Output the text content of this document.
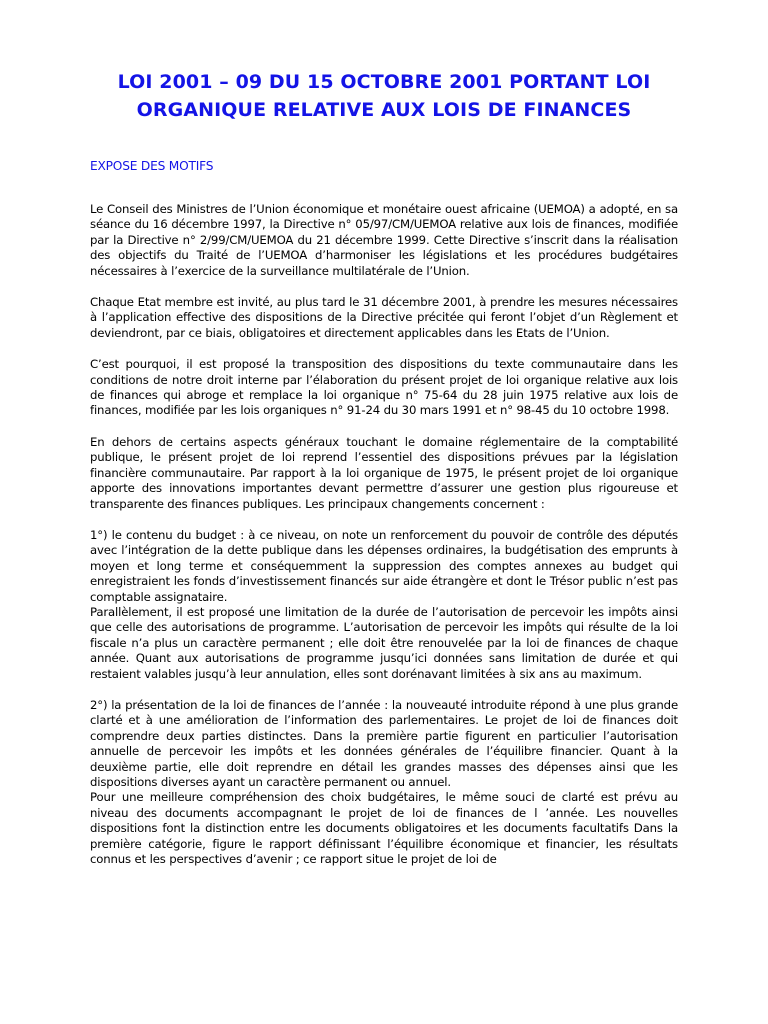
LOI 2001 – 09 DU 15 OCTOBRE 2001 PORTANT LOI ORGANIQUE RELATIVE AUX LOIS DE FINANCES
EXPOSE DES MOTIFS

Le Conseil des Ministres de l’Union économique et monétaire ouest africaine (UEMOA) a adopté, en sa séance du 16 décembre 1997, la Directive n° 05/97/CM/UEMOA relative aux lois de finances, modifiée par la Directive n° 2/99/CM/UEMOA du 21 décembre 1999. Cette Directive s’inscrit dans la réalisation des objectifs du Traité de l’UEMOA d’harmoniser les législations et les procédures budgétaires nécessaires à l’exercice de la surveillance multilatérale de l’Union.

Chaque Etat membre est invité, au plus tard le 31 décembre 2001, à prendre les mesures nécessaires à l’application effective des dispositions de la Directive précitée qui feront l’objet d’un Règlement et deviendront, par ce biais, obligatoires et directement applicables dans les Etats de l’Union.

C’est pourquoi, il est proposé la transposition des dispositions du texte communautaire dans les conditions de notre droit interne par l’élaboration du présent projet de loi organique relative aux lois de finances qui abroge et remplace la loi organique n° 75-64 du 28 juin 1975 relative aux lois de finances, modifiée par les lois organiques n° 91-24 du 30 mars 1991 et n° 98-45 du 10 octobre 1998.

En dehors de certains aspects généraux touchant le domaine réglementaire de la comptabilité publique, le présent projet de loi reprend l’essentiel des dispositions prévues par la législation financière communautaire. Par rapport à la loi organique de 1975, le présent projet de loi organique apporte des innovations importantes devant permettre d’assurer une gestion plus rigoureuse et transparente des finances publiques. Les principaux changements concernent :

1°) le contenu du budget : à ce niveau, on note un renforcement du pouvoir de contrôle des députés avec l’intégration de la dette publique dans les dépenses ordinaires, la budgétisation des emprunts à moyen et long terme et conséquemment la suppression des comptes annexes au budget qui enregistraient les fonds d’investissement financés sur aide étrangère et dont le Trésor public n’est pas comptable assignataire.

Parallèlement, il est proposé une limitation de la durée de l’autorisation de percevoir les impôts ainsi que celle des autorisations de programme. L’autorisation de percevoir les impôts qui résulte de la loi fiscale n’a plus un caractère permanent ; elle doit être renouvelée par la loi de finances de chaque année. Quant aux autorisations de programme jusqu’ici données sans limitation de durée et qui restaient valables jusqu’à leur annulation, elles sont dorénavant limitées à six ans au maximum.

2°) la présentation de la loi de finances de l’année : la nouveauté introduite répond à une plus grande clarté et à une amélioration de l’information des parlementaires. Le projet de loi de finances doit comprendre deux parties distinctes. Dans la première partie figurent en particulier l’autorisation annuelle de percevoir les impôts et les données générales de l’équilibre financier. Quant à la deuxième partie, elle doit reprendre en détail les grandes masses des dépenses ainsi que les dispositions diverses ayant un caractère permanent ou annuel.

Pour une meilleure compréhension des choix budgétaires, le même souci de clarté est prévu au niveau des documents accompagnant le projet de loi de finances de l ’année. Les nouvelles dispositions font la distinction entre les documents obligatoires et les documents facultatifs Dans la première catégorie, figure le rapport définissant l’équilibre économique et financier, les résultats connus et les perspectives d’avenir ; ce rapport situe le projet de loi de
